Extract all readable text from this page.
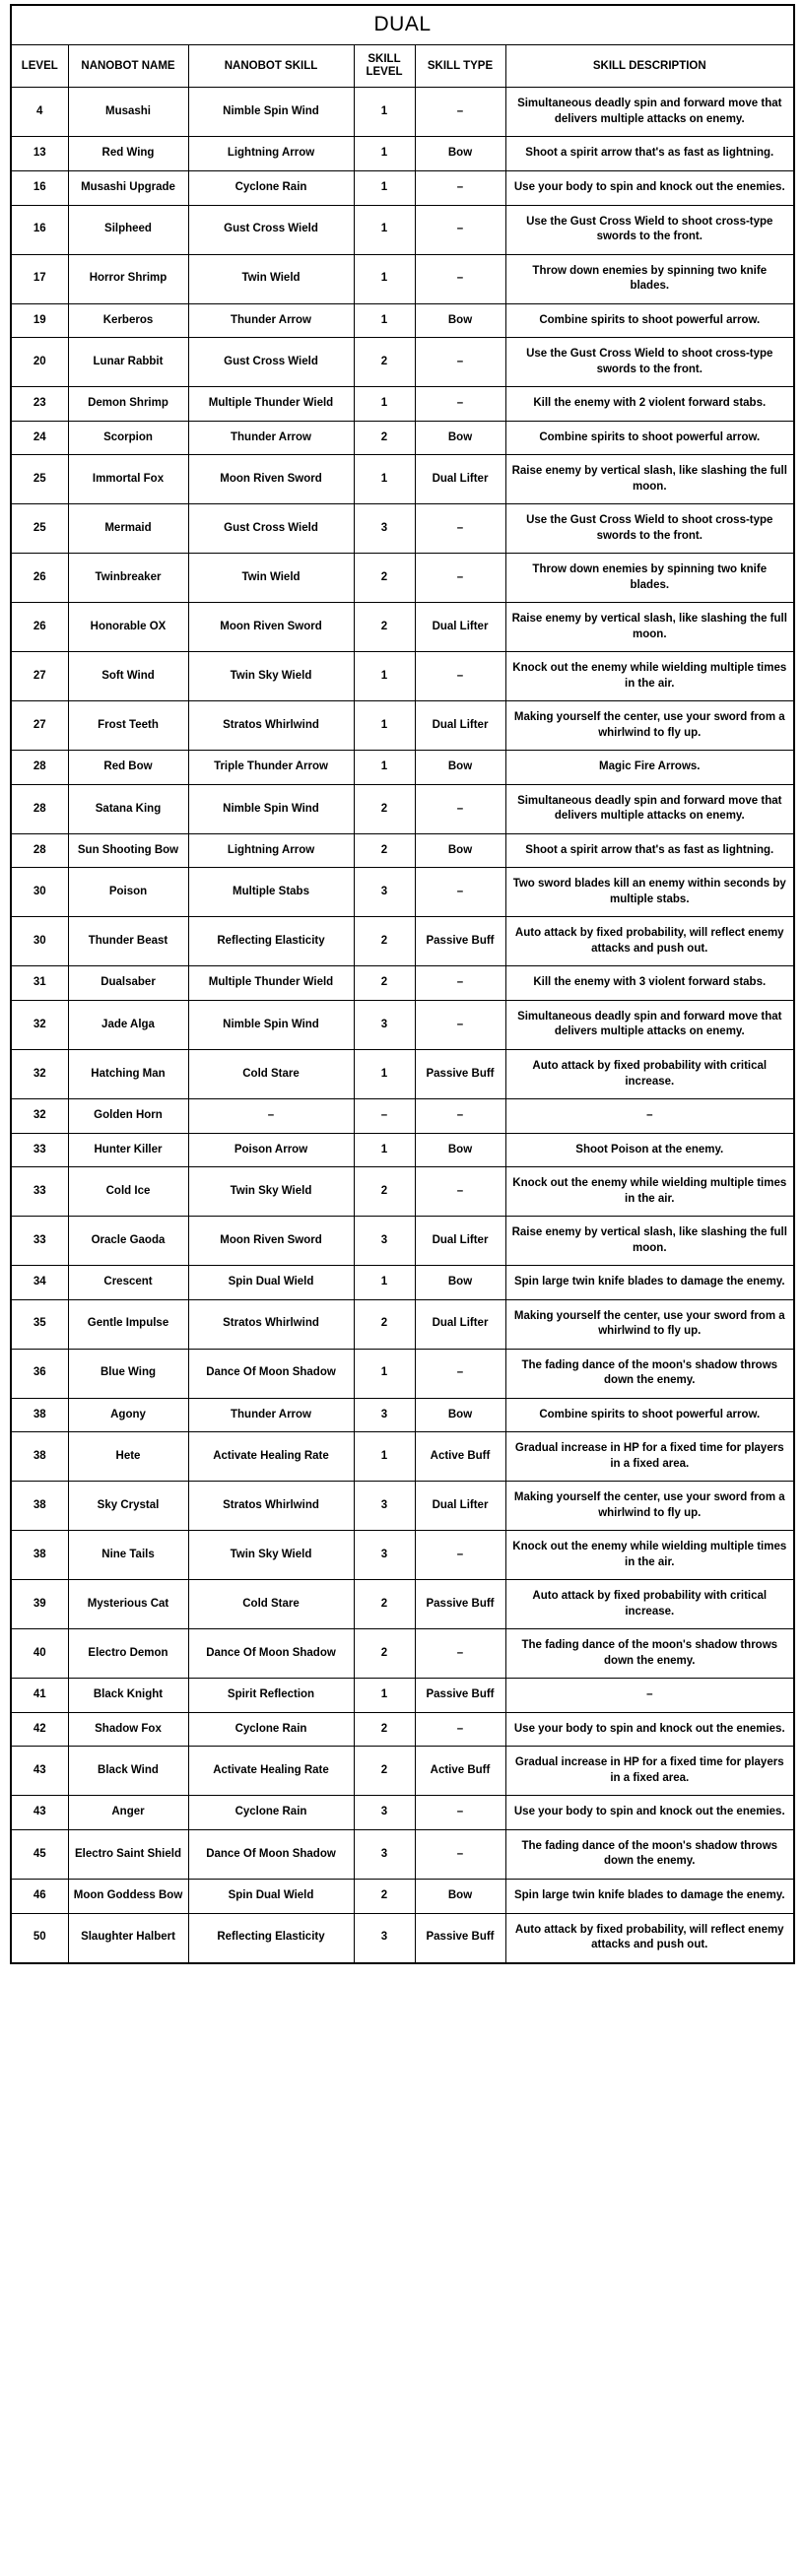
DUAL					
LEVEL	NANOBOT NAME	NANOBOT SKILL	SKILL LEVEL	SKILL TYPE	SKILL DESCRIPTION
4	Musashi	Nimble Spin Wind	1	–	Simultaneous deadly spin and forward move that delivers multiple attacks on enemy.
13	Red Wing	Lightning Arrow	1	Bow	Shoot a spirit arrow that's as fast as lightning.
16	Musashi Upgrade	Cyclone Rain	1	–	Use your body to spin and knock out the enemies.
16	Silpheed	Gust Cross Wield	1	–	Use the Gust Cross Wield to shoot cross-type swords to the front.
17	Horror Shrimp	Twin Wield	1	–	Throw down enemies by spinning two knife blades.
19	Kerberos	Thunder Arrow	1	Bow	Combine spirits to shoot powerful arrow.
20	Lunar Rabbit	Gust Cross Wield	2	–	Use the Gust Cross Wield to shoot cross-type swords to the front.
23	Demon Shrimp	Multiple Thunder Wield	1	–	Kill the enemy with 2 violent forward stabs.
24	Scorpion	Thunder Arrow	2	Bow	Combine spirits to shoot powerful arrow.
25	Immortal Fox	Moon Riven Sword	1	Dual Lifter	Raise enemy by vertical slash, like slashing the full moon.
25	Mermaid	Gust Cross Wield	3	–	Use the Gust Cross Wield to shoot cross-type swords to the front.
26	Twinbreaker	Twin Wield	2	–	Throw down enemies by spinning two knife blades.
26	Honorable OX	Moon Riven Sword	2	Dual Lifter	Raise enemy by vertical slash, like slashing the full moon.
27	Soft Wind	Twin Sky Wield	1	–	Knock out the enemy while wielding multiple times in the air.
27	Frost Teeth	Stratos Whirlwind	1	Dual Lifter	Making yourself the center, use your sword from a whirlwind to fly up.
28	Red Bow	Triple Thunder Arrow	1	Bow	Magic Fire Arrows.
28	Satana King	Nimble Spin Wind	2	–	Simultaneous deadly spin and forward move that delivers multiple attacks on enemy.
28	Sun Shooting Bow	Lightning Arrow	2	Bow	Shoot a spirit arrow that's as fast as lightning.
30	Poison	Multiple Stabs	3	–	Two sword blades kill an enemy within seconds by multiple stabs.
30	Thunder Beast	Reflecting Elasticity	2	Passive Buff	Auto attack by fixed probability, will reflect enemy attacks and push out.
31	Dualsaber	Multiple Thunder Wield	2	–	Kill the enemy with 3 violent forward stabs.
32	Jade Alga	Nimble Spin Wind	3	–	Simultaneous deadly spin and forward move that delivers multiple attacks on enemy.
32	Hatching Man	Cold Stare	1	Passive Buff	Auto attack by fixed probability with critical increase.
32	Golden Horn	–	–	–	–
33	Hunter Killer	Poison Arrow	1	Bow	Shoot Poison at the enemy.
33	Cold Ice	Twin Sky Wield	2	–	Knock out the enemy while wielding multiple times in the air.
33	Oracle Gaoda	Moon Riven Sword	3	Dual Lifter	Raise enemy by vertical slash, like slashing the full moon.
34	Crescent	Spin Dual Wield	1	Bow	Spin large twin knife blades to damage the enemy.
35	Gentle Impulse	Stratos Whirlwind	2	Dual Lifter	Making yourself the center, use your sword from a whirlwind to fly up.
36	Blue Wing	Dance Of Moon Shadow	1	–	The fading dance of the moon's shadow throws down the enemy.
38	Agony	Thunder Arrow	3	Bow	Combine spirits to shoot powerful arrow.
38	Hete	Activate Healing Rate	1	Active Buff	Gradual increase in HP for a fixed time for players in a fixed area.
38	Sky Crystal	Stratos Whirlwind	3	Dual Lifter	Making yourself the center, use your sword from a whirlwind to fly up.
38	Nine Tails	Twin Sky Wield	3	–	Knock out the enemy while wielding multiple times in the air.
39	Mysterious Cat	Cold Stare	2	Passive Buff	Auto attack by fixed probability with critical increase.
40	Electro Demon	Dance Of Moon Shadow	2	–	The fading dance of the moon's shadow throws down the enemy.
41	Black Knight	Spirit Reflection	1	Passive Buff	–
42	Shadow Fox	Cyclone Rain	2	–	Use your body to spin and knock out the enemies.
43	Black Wind	Activate Healing Rate	2	Active Buff	Gradual increase in HP for a fixed time for players in a fixed area.
43	Anger	Cyclone Rain	3	–	Use your body to spin and knock out the enemies.
45	Electro Saint Shield	Dance Of Moon Shadow	3	–	The fading dance of the moon's shadow throws down the enemy.
46	Moon Goddess Bow	Spin Dual Wield	2	Bow	Spin large twin knife blades to damage the enemy.
50	Slaughter Halbert	Reflecting Elasticity	3	Passive Buff	Auto attack by fixed probability, will reflect enemy attacks and push out.
